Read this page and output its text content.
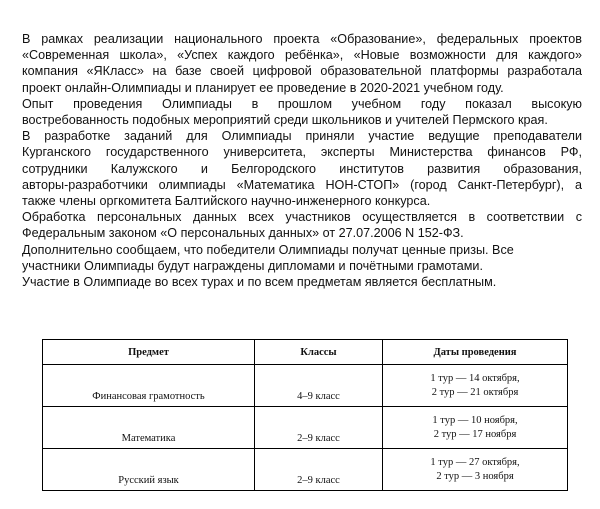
В рамках реализации национального проекта «Образование», федеральных проектов
«Современная школа», «Успех каждого ребёнка», «Новые возможности для каждого»
компания «ЯКласс» на базе своей цифровой образовательной платформы разработала
проект онлайн-Олимпиады и планирует ее проведение в 2020-2021 учебном году.

Опыт проведения Олимпиады в прошлом учебном году показал высокую
востребованность подобных мероприятий среди школьников и учителей Пермского края.

В разработке заданий для Олимпиады приняли участие ведущие преподаватели
Курганского государственного университета, эксперты Министерства финансов РФ,
сотрудники Калужского и Белгородского институтов развития образования,
авторы-разработчики олимпиады «Математика НОН-СТОП» (город Санкт-Петербург), а
также члены оргкомитета Балтийского научно-инженерного конкурса.

Обработка персональных данных всех участников осуществляется в соответствии с
Федеральным законом «О персональных данных» от 27.07.2006 N 152-ФЗ.

Дополнительно сообщаем, что победители Олимпиады получат ценные призы. Все
участники Олимпиады будут награждены дипломами и почётными грамотами.

Участие в Олимпиаде во всех турах и по всем предметам является бесплатным.

Предмет	Классы	Даты проведения
Финансовая грамотность	4–9 класс	1 тур — 14 октября,
2 тур — 21 октября

Математика	2–9 класс	1 тур — 10 ноября,
2 тур — 17 ноября

Русский язык	2–9 класс	1 тур — 27 октября,
2 тур — 3 ноября
